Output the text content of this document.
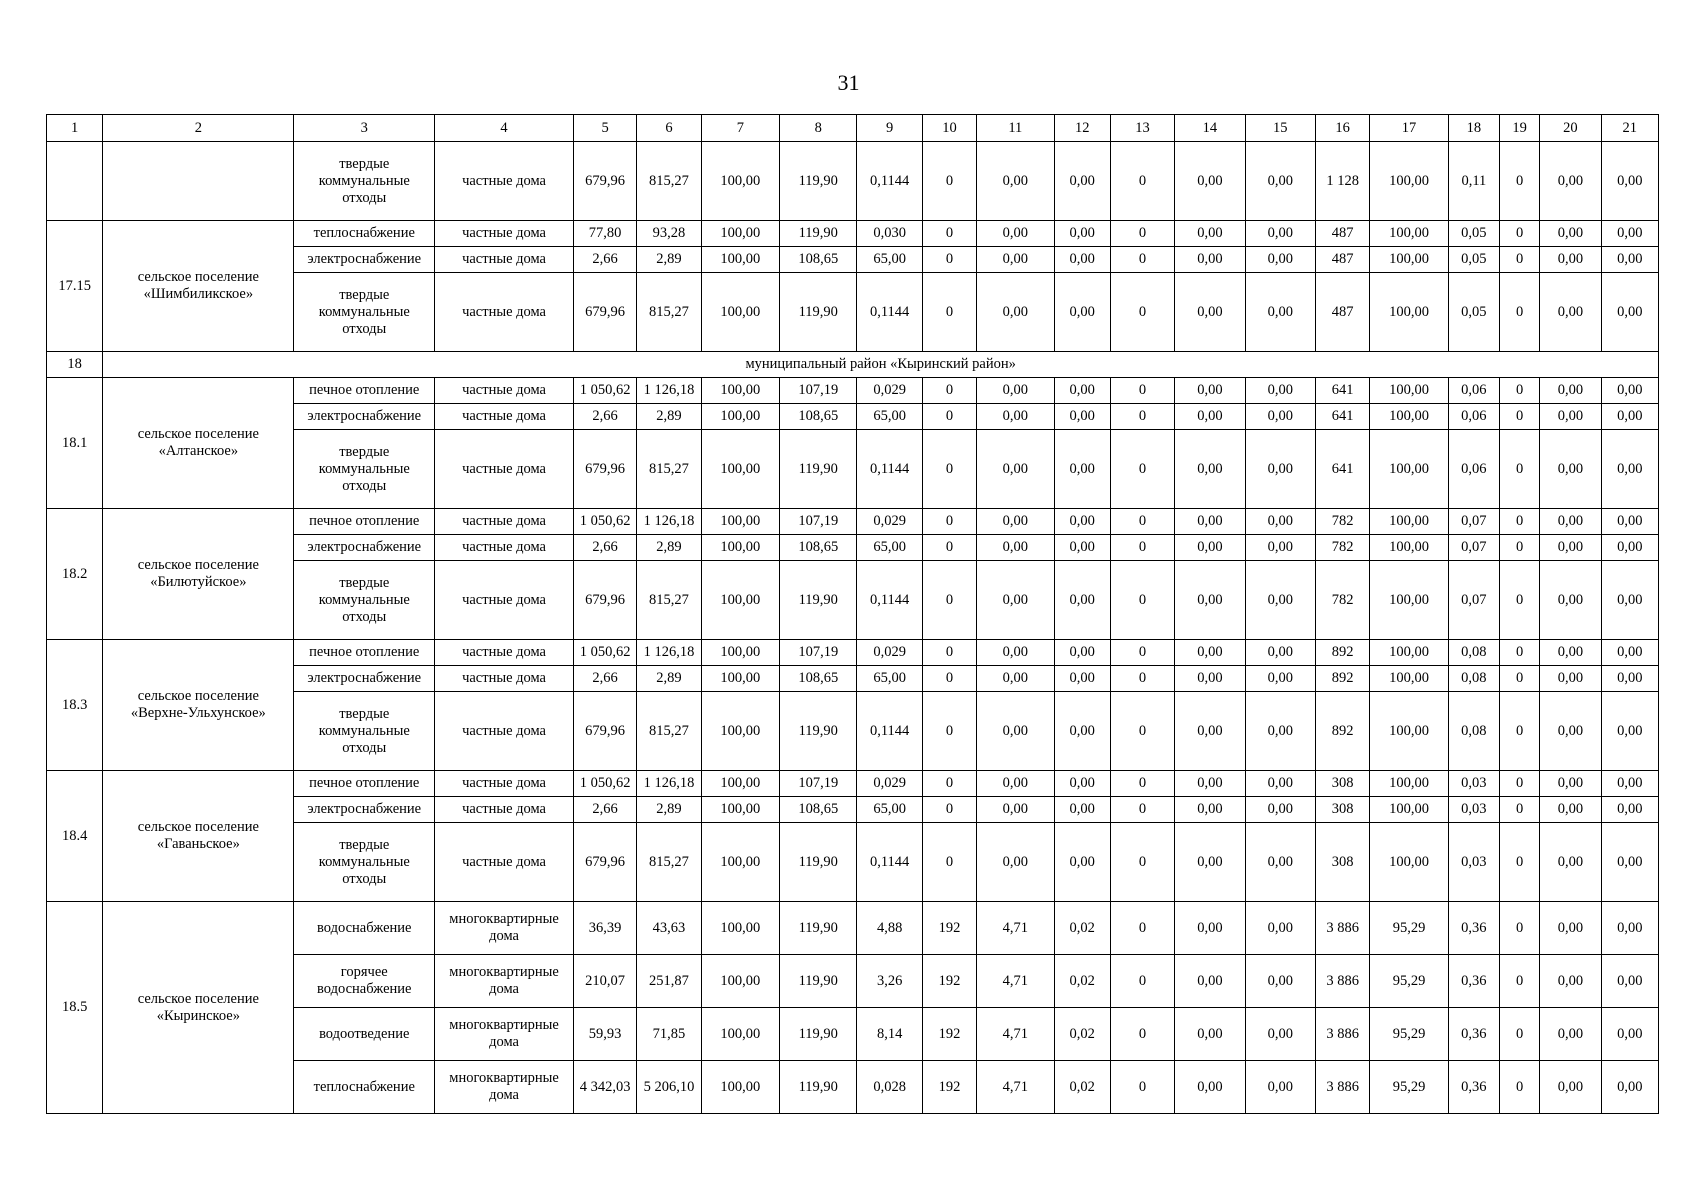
31
1	2	3	4	5	6	7	8	9	10	11	12	13	14	15	16	17	18	19	20	21
		твердые коммунальные отходы	частные дома	679,96	815,27	100,00	119,90	0,1144	0	0,00	0,00	0	0,00	0,00	1 128	100,00	0,11	0	0,00	0,00
17.15	сельское поселение «Шимбиликское»	теплоснабжение	частные дома	77,80	93,28	100,00	119,90	0,030	0	0,00	0,00	0	0,00	0,00	487	100,00	0,05	0	0,00	0,00
		электроснабжение	частные дома	2,66	2,89	100,00	108,65	65,00	0	0,00	0,00	0	0,00	0,00	487	100,00	0,05	0	0,00	0,00
		твердые коммунальные отходы	частные дома	679,96	815,27	100,00	119,90	0,1144	0	0,00	0,00	0	0,00	0,00	487	100,00	0,05	0	0,00	0,00
18	муниципальный район «Кыринский район»																			
18.1	сельское поселение «Алтанское»	печное отопление	частные дома	1 050,62	1 126,18	100,00	107,19	0,029	0	0,00	0,00	0	0,00	0,00	641	100,00	0,06	0	0,00	0,00
		электроснабжение	частные дома	2,66	2,89	100,00	108,65	65,00	0	0,00	0,00	0	0,00	0,00	641	100,00	0,06	0	0,00	0,00
		твердые коммунальные отходы	частные дома	679,96	815,27	100,00	119,90	0,1144	0	0,00	0,00	0	0,00	0,00	641	100,00	0,06	0	0,00	0,00
18.2	сельское поселение «Билютуйское»	печное отопление	частные дома	1 050,62	1 126,18	100,00	107,19	0,029	0	0,00	0,00	0	0,00	0,00	782	100,00	0,07	0	0,00	0,00
		электроснабжение	частные дома	2,66	2,89	100,00	108,65	65,00	0	0,00	0,00	0	0,00	0,00	782	100,00	0,07	0	0,00	0,00
		твердые коммунальные отходы	частные дома	679,96	815,27	100,00	119,90	0,1144	0	0,00	0,00	0	0,00	0,00	782	100,00	0,07	0	0,00	0,00
18.3	сельское поселение «Верхне-Ульхунское»	печное отопление	частные дома	1 050,62	1 126,18	100,00	107,19	0,029	0	0,00	0,00	0	0,00	0,00	892	100,00	0,08	0	0,00	0,00
		электроснабжение	частные дома	2,66	2,89	100,00	108,65	65,00	0	0,00	0,00	0	0,00	0,00	892	100,00	0,08	0	0,00	0,00
		твердые коммунальные отходы	частные дома	679,96	815,27	100,00	119,90	0,1144	0	0,00	0,00	0	0,00	0,00	892	100,00	0,08	0	0,00	0,00
18.4	сельское поселение «Гаваньское»	печное отопление	частные дома	1 050,62	1 126,18	100,00	107,19	0,029	0	0,00	0,00	0	0,00	0,00	308	100,00	0,03	0	0,00	0,00
		электроснабжение	частные дома	2,66	2,89	100,00	108,65	65,00	0	0,00	0,00	0	0,00	0,00	308	100,00	0,03	0	0,00	0,00
		твердые коммунальные отходы	частные дома	679,96	815,27	100,00	119,90	0,1144	0	0,00	0,00	0	0,00	0,00	308	100,00	0,03	0	0,00	0,00
18.5	сельское поселение «Кыринское»	водоснабжение	многоквартирные дома	36,39	43,63	100,00	119,90	4,88	192	4,71	0,02	0	0,00	0,00	3 886	95,29	0,36	0	0,00	0,00
		горячее водоснабжение	многоквартирные дома	210,07	251,87	100,00	119,90	3,26	192	4,71	0,02	0	0,00	0,00	3 886	95,29	0,36	0	0,00	0,00
		водоотведение	многоквартирные дома	59,93	71,85	100,00	119,90	8,14	192	4,71	0,02	0	0,00	0,00	3 886	95,29	0,36	0	0,00	0,00
		теплоснабжение	многоквартирные дома	4 342,03	5 206,10	100,00	119,90	0,028	192	4,71	0,02	0	0,00	0,00	3 886	95,29	0,36	0	0,00	0,00
